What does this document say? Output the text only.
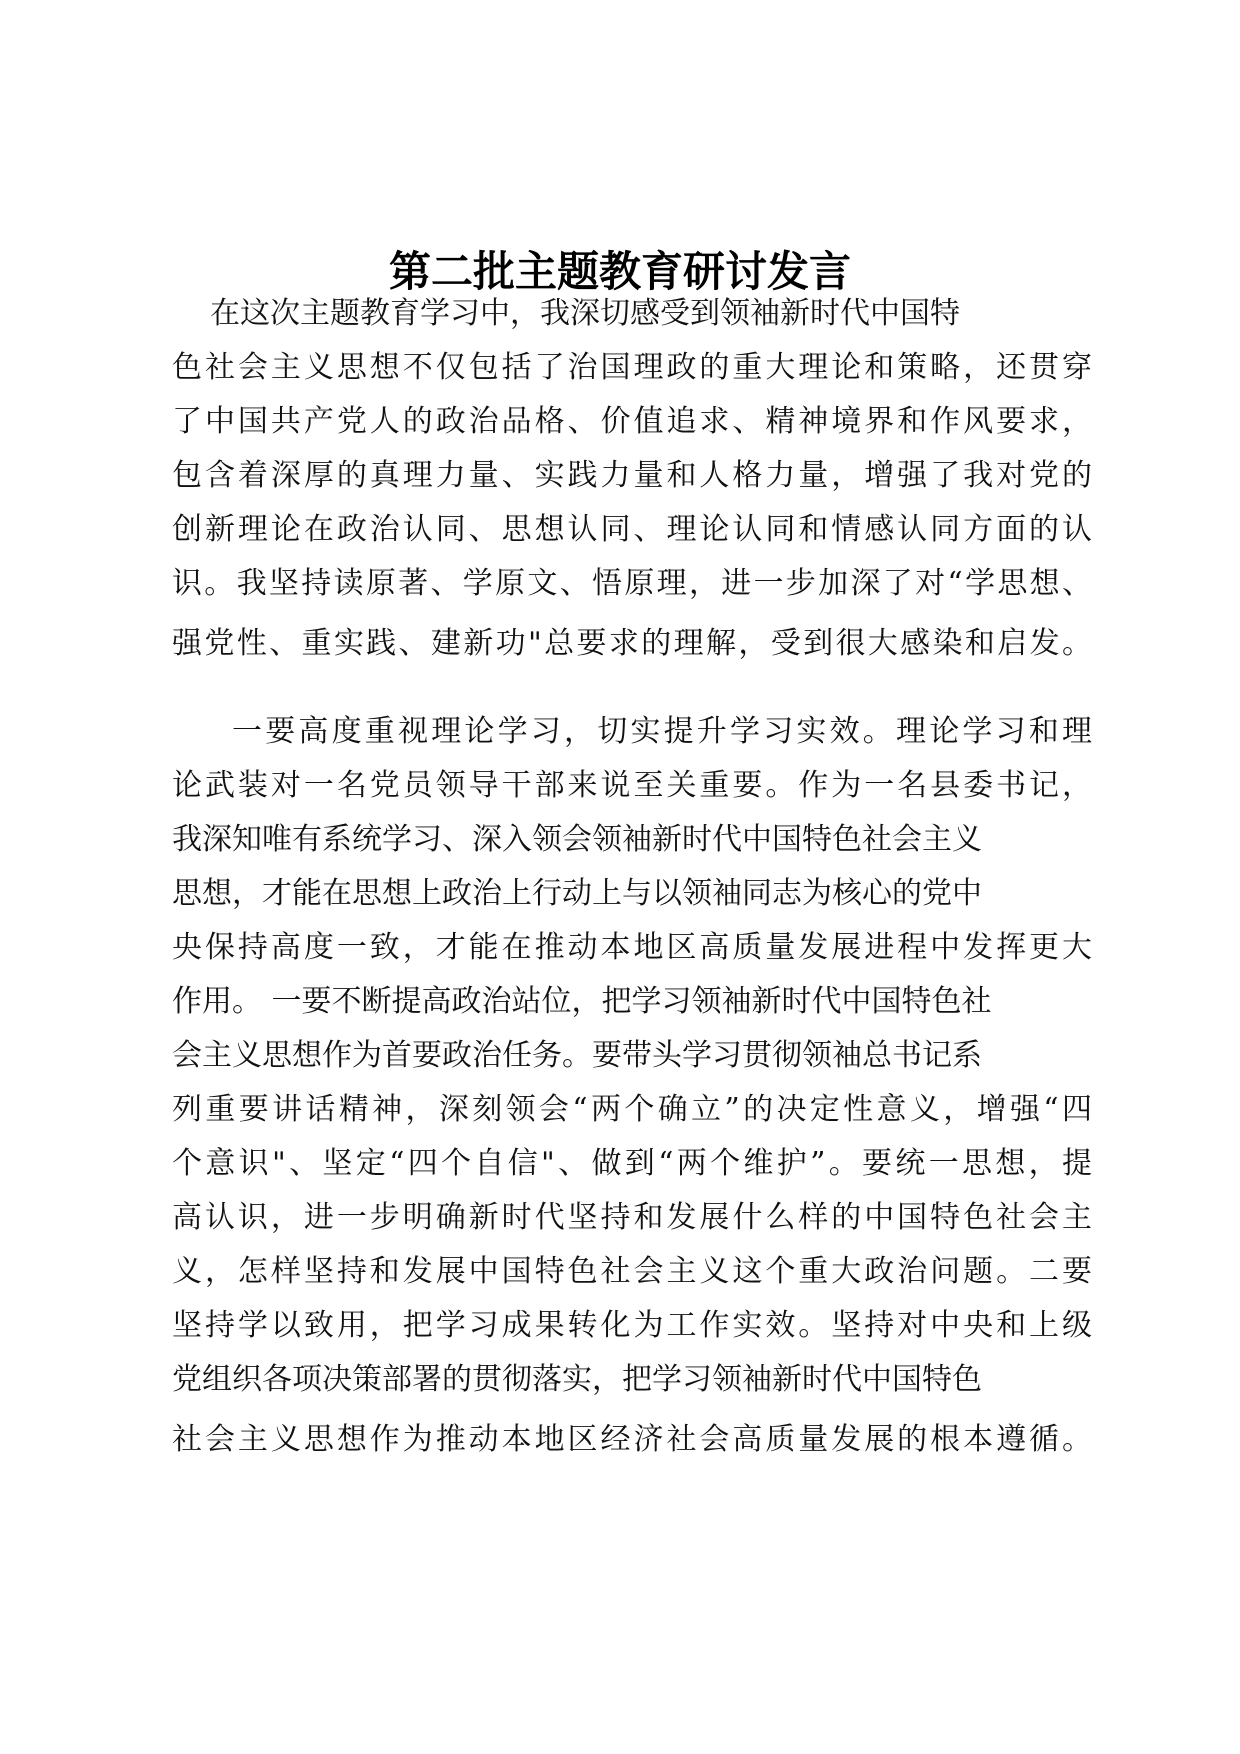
第二批主题教育研讨发言
在这次主题教育学习中，我深切感受到领袖新时代中国特
色社会主义思想不仅包括了治国理政的重大理论和策略，还贯穿
了中国共产党人的政治品格、价值追求、精神境界和作风要求，
包含着深厚的真理力量、实践力量和人格力量，增强了我对党的
创新理论在政治认同、思想认同、理论认同和情感认同方面的认
识。我坚持读原著、学原文、悟原理，进一步加深了对“学思想、
强党性、重实践、建新功"总要求的理解，受到很大感染和启发。
一要高度重视理论学习，切实提升学习实效。理论学习和理
论武装对一名党员领导干部来说至关重要。作为一名县委书记，
我深知唯有系统学习、深入领会领袖新时代中国特色社会主义
思想，才能在思想上政治上行动上与以领袖同志为核心的党中
央保持高度一致，才能在推动本地区高质量发展进程中发挥更大
作用。 一要不断提高政治站位，把学习领袖新时代中国特色社
会主义思想作为首要政治任务。要带头学习贯彻领袖总书记系
列重要讲话精神，深刻领会“两个确立”的决定性意义，增强“四
个意识"、坚定“四个自信"、做到“两个维护”。要统一思想，提
高认识，进一步明确新时代坚持和发展什么样的中国特色社会主
义，怎样坚持和发展中国特色社会主义这个重大政治问题。二要
坚持学以致用，把学习成果转化为工作实效。坚持对中央和上级
党组织各项决策部署的贯彻落实，把学习领袖新时代中国特色
社会主义思想作为推动本地区经济社会高质量发展的根本遵循。
